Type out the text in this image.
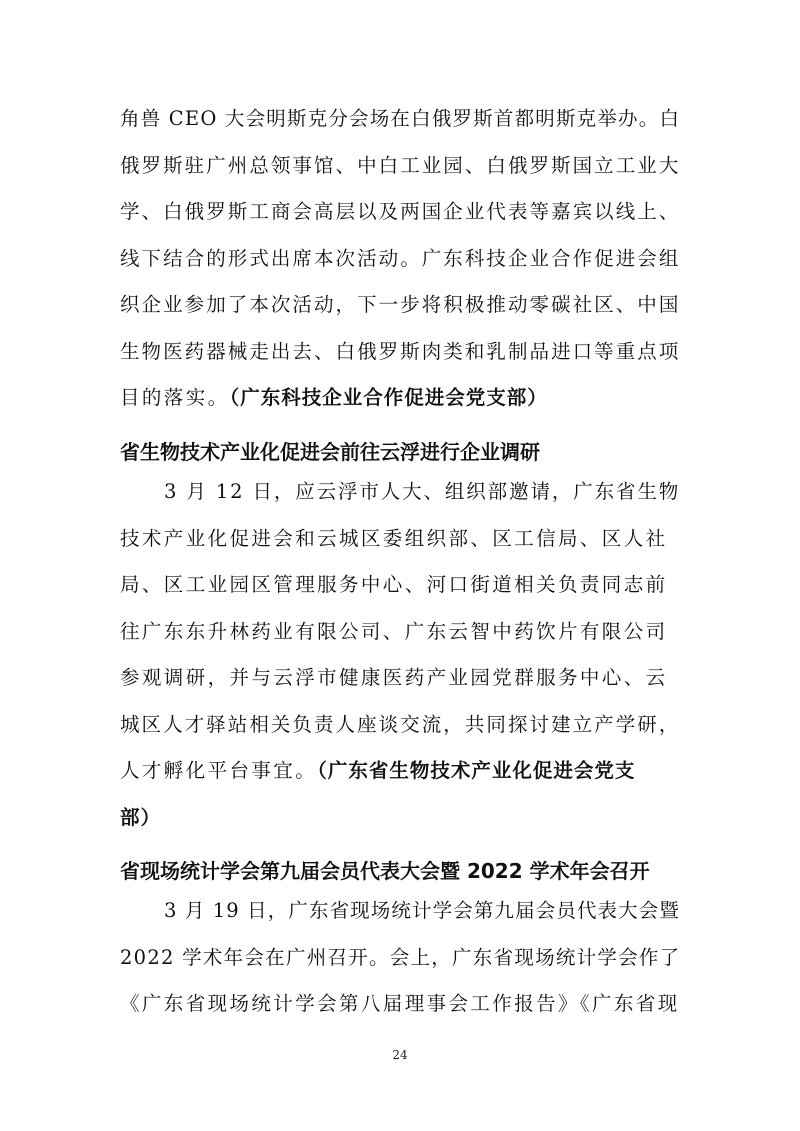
角兽 CEO 大会明斯克分会场在白俄罗斯首都明斯克举办。白
俄罗斯驻广州总领事馆、中白工业园、白俄罗斯国立工业大
学、白俄罗斯工商会高层以及两国企业代表等嘉宾以线上、
线下结合的形式出席本次活动。广东科技企业合作促进会组
织企业参加了本次活动，下一步将积极推动零碳社区、中国
生物医药器械走出去、白俄罗斯肉类和乳制品进口等重点项
目的落实。（广东科技企业合作促进会党支部）
省生物技术产业化促进会前往云浮进行企业调研
3 月 12 日，应云浮市人大、组织部邀请，广东省生物
技术产业化促进会和云城区委组织部、区工信局、区人社
局、区工业园区管理服务中心、河口街道相关负责同志前
往广东东升林药业有限公司、广东云智中药饮片有限公司
参观调研，并与云浮市健康医药产业园党群服务中心、云
城区人才驿站相关负责人座谈交流，共同探讨建立产学研，
人才孵化平台事宜。（广东省生物技术产业化促进会党支
部）
省现场统计学会第九届会员代表大会暨 2022 学术年会召开
3 月 19 日，广东省现场统计学会第九届会员代表大会暨
2022 学术年会在广州召开。会上，广东省现场统计学会作了
《广东省现场统计学会第八届理事会工作报告》《广东省现
24
